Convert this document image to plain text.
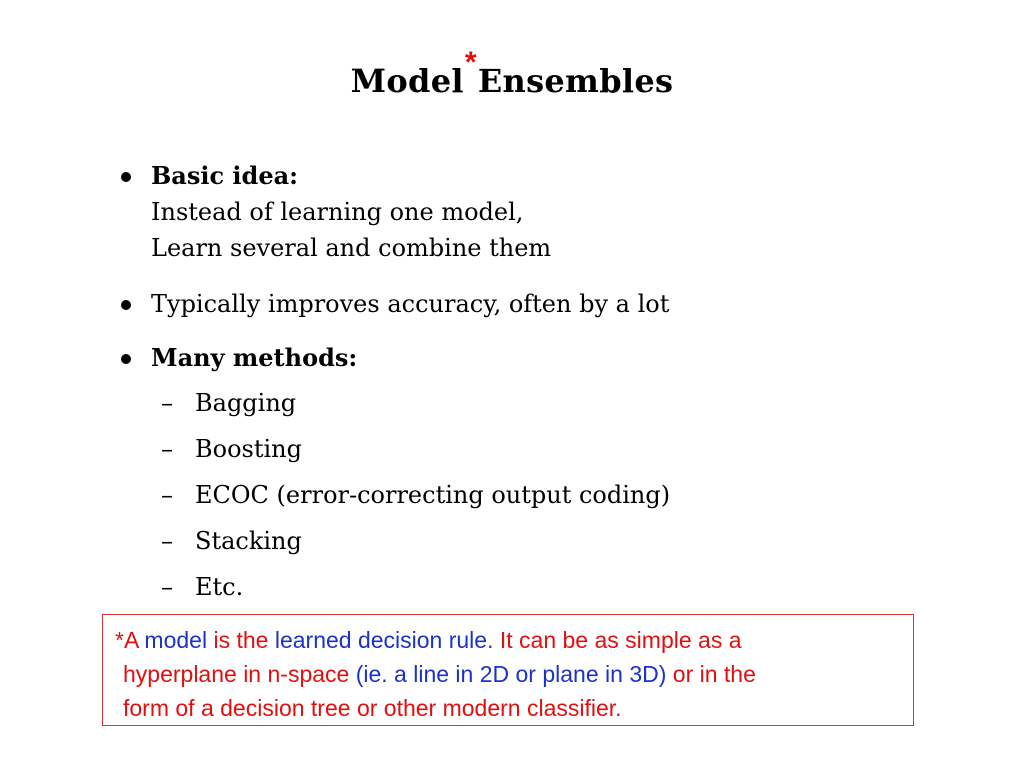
Model*Ensembles
Basic idea:
Instead of learning one model,
Learn several and combine them
Typically improves accuracy, often by a lot
Many methods:
– Bagging
– Boosting
– ECOC (error-correcting output coding)
– Stacking
– Etc.
*A model is the learned decision rule. It can be as simple as a
hyperplane in n-space (ie. a line in 2D or plane in 3D) or in the
form of a decision tree or other modern classifier.
